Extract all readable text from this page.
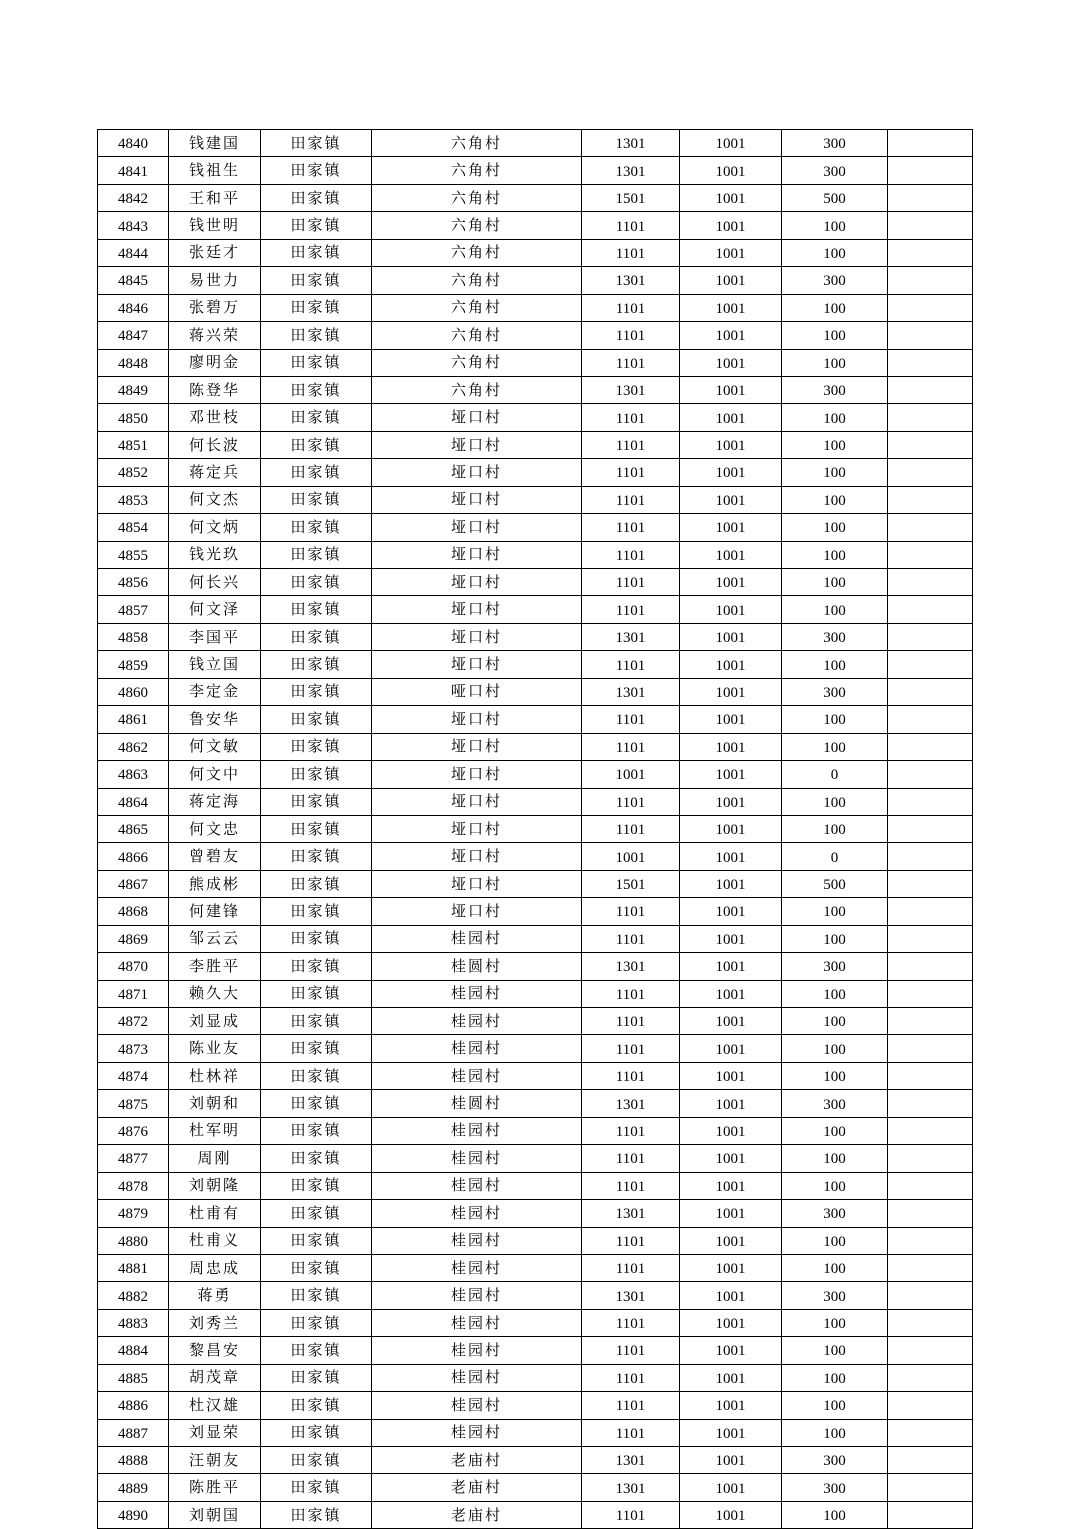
4840	钱建国	田家镇	六角村	1301	1001	300	
4841	钱祖生	田家镇	六角村	1301	1001	300	
4842	王和平	田家镇	六角村	1501	1001	500	
4843	钱世明	田家镇	六角村	1101	1001	100	
4844	张廷才	田家镇	六角村	1101	1001	100	
4845	易世力	田家镇	六角村	1301	1001	300	
4846	张碧万	田家镇	六角村	1101	1001	100	
4847	蒋兴荣	田家镇	六角村	1101	1001	100	
4848	廖明金	田家镇	六角村	1101	1001	100	
4849	陈登华	田家镇	六角村	1301	1001	300	
4850	邓世枝	田家镇	垭口村	1101	1001	100	
4851	何长波	田家镇	垭口村	1101	1001	100	
4852	蒋定兵	田家镇	垭口村	1101	1001	100	
4853	何文杰	田家镇	垭口村	1101	1001	100	
4854	何文炳	田家镇	垭口村	1101	1001	100	
4855	钱光玖	田家镇	垭口村	1101	1001	100	
4856	何长兴	田家镇	垭口村	1101	1001	100	
4857	何文泽	田家镇	垭口村	1101	1001	100	
4858	李国平	田家镇	垭口村	1301	1001	300	
4859	钱立国	田家镇	垭口村	1101	1001	100	
4860	李定金	田家镇	哑口村	1301	1001	300	
4861	鲁安华	田家镇	垭口村	1101	1001	100	
4862	何文敏	田家镇	垭口村	1101	1001	100	
4863	何文中	田家镇	垭口村	1001	1001	0	
4864	蒋定海	田家镇	垭口村	1101	1001	100	
4865	何文忠	田家镇	垭口村	1101	1001	100	
4866	曾碧友	田家镇	垭口村	1001	1001	0	
4867	熊成彬	田家镇	垭口村	1501	1001	500	
4868	何建锋	田家镇	垭口村	1101	1001	100	
4869	邹云云	田家镇	桂园村	1101	1001	100	
4870	李胜平	田家镇	桂圆村	1301	1001	300	
4871	赖久大	田家镇	桂园村	1101	1001	100	
4872	刘显成	田家镇	桂园村	1101	1001	100	
4873	陈业友	田家镇	桂园村	1101	1001	100	
4874	杜林祥	田家镇	桂园村	1101	1001	100	
4875	刘朝和	田家镇	桂圆村	1301	1001	300	
4876	杜军明	田家镇	桂园村	1101	1001	100	
4877	周刚	田家镇	桂园村	1101	1001	100	
4878	刘朝隆	田家镇	桂园村	1101	1001	100	
4879	杜甫有	田家镇	桂园村	1301	1001	300	
4880	杜甫义	田家镇	桂园村	1101	1001	100	
4881	周忠成	田家镇	桂园村	1101	1001	100	
4882	蒋勇	田家镇	桂园村	1301	1001	300	
4883	刘秀兰	田家镇	桂园村	1101	1001	100	
4884	黎昌安	田家镇	桂园村	1101	1001	100	
4885	胡茂章	田家镇	桂园村	1101	1001	100	
4886	杜汉雄	田家镇	桂园村	1101	1001	100	
4887	刘显荣	田家镇	桂园村	1101	1001	100	
4888	汪朝友	田家镇	老庙村	1301	1001	300	
4889	陈胜平	田家镇	老庙村	1301	1001	300	
4890	刘朝国	田家镇	老庙村	1101	1001	100	
